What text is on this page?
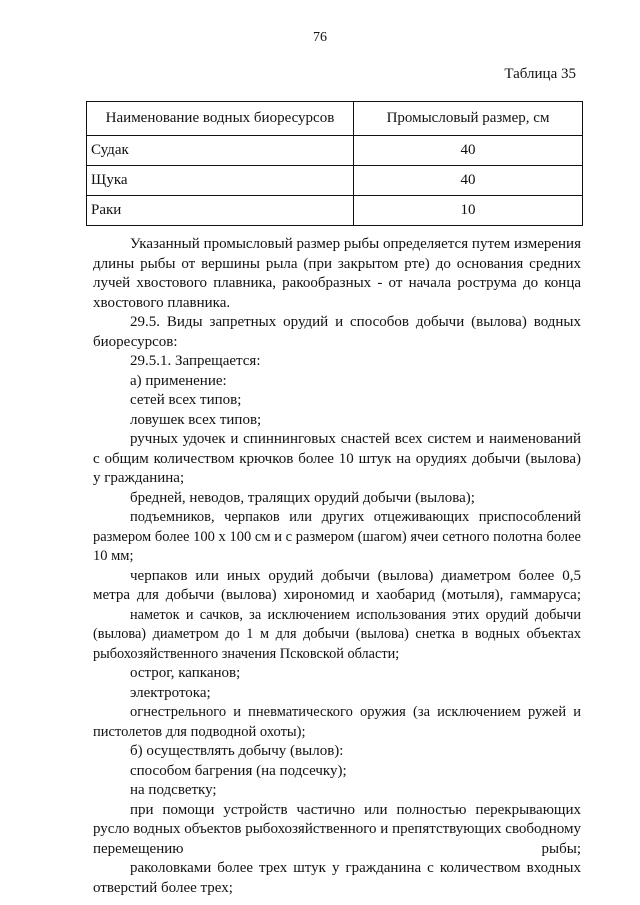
76
Таблица 35
Наименование водных биоресурсов	Промысловый размер, см
Судак	40
Щука	40
Раки	10

Указанный промысловый размер рыбы определяется путем измерения длины рыбы от вершины рыла (при закрытом рте) до основания средних лучей хвостового плавника, ракообразных - от начала рострума до конца хвостового плавника.

29.5. Виды запретных орудий и способов добычи (вылова) водных биоресурсов:

29.5.1. Запрещается:

а) применение:

сетей всех типов;

ловушек всех типов;

ручных удочек и спиннинговых снастей всех систем и наименований с общим количеством крючков более 10 штук на орудиях добычи (вылова) у гражданина;

бредней, неводов, тралящих орудий добычи (вылова);

подъемников, черпаков или других отцеживающих приспособлений размером более 100 х 100 см и с размером (шагом) ячеи сетного полотна более 10 мм;

черпаков или иных орудий добычи (вылова) диаметром более 0,5 метра для добычи (вылова) хирономид и хаобарид (мотыля), гаммаруса;

наметок и сачков, за исключением использования этих орудий добычи (вылова) диаметром до 1 м для добычи (вылова) снетка в водных объектах рыбохозяйственного значения Псковской области;

острог, капканов;

электротока;

огнестрельного и пневматического оружия (за исключением ружей и пистолетов для подводной охоты);

б) осуществлять добычу (вылов):

способом багрения (на подсечку);

на подсветку;

при помощи устройств частично или полностью перекрывающих русло водных объектов рыбохозяйственного и препятствующих свободному перемещению рыбы;

раколовками более трех штук у гражданина с количеством входных отверстий более трех;
